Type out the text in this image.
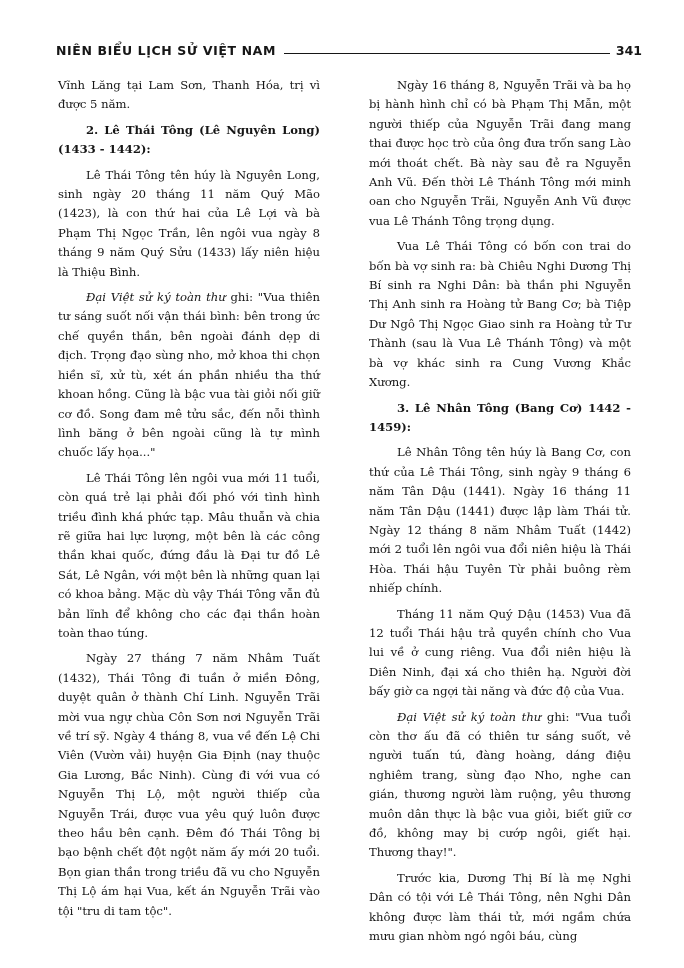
NIÊN BIỂU LỊCH SỬ VIỆT NAM	341

Vĩnh Lăng tại Lam Sơn, Thanh Hóa, trị vì được 5 năm.

2. Lê Thái Tông (Lê Nguyên Long) (1433 - 1442):

Lê Thái Tông tên húy là Nguyên Long, sinh ngày 20 tháng 11 năm Quý Mão (1423), là con thứ hai của Lê Lợi và bà Phạm Thị Ngọc Trần, lên ngôi vua ngày 8 tháng 9 năm Quý Sửu (1433) lấy niên hiệu là Thiệu Bình.

Đại Việt sử ký toàn thư ghi: "Vua thiên tư sáng suốt nối vận thái bình: bên trong ức chế quyền thần, bên ngoài đánh dẹp di địch. Trọng đạo sùng nho, mở khoa thi chọn hiền sĩ, xử tù, xét án phần nhiều tha thứ khoan hồng. Cũng là bậc vua tài giỏi nối giữ cơ đồ. Song đam mê tửu sắc, đến nỗi thình lình băng ở bên ngoài cũng là tự mình chuốc lấy họa..."

Lê Thái Tông lên ngôi vua mới 11 tuổi, còn quá trẻ lại phải đối phó với tình hình triều đình khá phức tạp. Mâu thuẫn và chia rẽ giữa hai lực lượng, một bên là các công thần khai quốc, đứng đầu là Đại tư đồ Lê Sát, Lê Ngân, với một bên là những quan lại có khoa bảng. Mặc dù vậy Thái Tông vẫn đủ bản lĩnh để không cho các đại thần hoàn toàn thao túng.

Ngày 27 tháng 7 năm Nhâm Tuất (1432), Thái Tông đi tuần ở miền Đông, duyệt quân ở thành Chí Linh. Nguyễn Trãi mời vua ngự chùa Côn Sơn nơi Nguyễn Trãi về trí sỹ. Ngày 4 tháng 8, vua về đến Lệ Chi Viên (Vườn vải) huyện Gia Định (nay thuộc Gia Lương, Bắc Ninh). Cùng đi với vua có Nguyễn Thị Lộ, một người thiếp của Nguyễn Trái, được vua yêu quý luôn được theo hầu bên cạnh. Đêm đó Thái Tông bị bạo bệnh chết đột ngột năm ấy mới 20 tuổi. Bọn gian thần trong triều đã vu cho Nguyễn Thị Lộ ám hại Vua, kết án Nguyễn Trãi vào tội "tru di tam tộc".

Ngày 16 tháng 8, Nguyễn Trãi và ba họ bị hành hình chỉ có bà Phạm Thị Mẫn, một người thiếp của Nguyễn Trãi đang mang thai được học trò của ông đưa trốn sang Lào mới thoát chết. Bà này sau đẻ ra Nguyễn Anh Vũ. Đến thời Lê Thánh Tông mới minh oan cho Nguyễn Trãi, Nguyễn Anh Vũ được vua Lê Thánh Tông trọng dụng.

Vua Lê Thái Tông có bốn con trai do bốn bà vợ sinh ra: bà Chiêu Nghi Dương Thị Bí sinh ra Nghi Dân: bà thần phi Nguyễn Thị Anh sinh ra Hoàng tử Bang Cơ; bà Tiệp Dư Ngô Thị Ngọc Giao sinh ra Hoàng tử Tư Thành (sau là Vua Lê Thánh Tông) và một bà vợ khác sinh ra Cung Vương Khắc Xương.

3. Lê Nhân Tông (Bang Cơ) 1442 - 1459):

Lê Nhân Tông tên húy là Bang Cơ, con thứ của Lê Thái Tông, sinh ngày 9 tháng 6 năm Tân Dậu (1441). Ngày 16 tháng 11 năm Tân Dậu (1441) được lập làm Thái tử. Ngày 12 tháng 8 năm Nhâm Tuất (1442) mới 2 tuổi lên ngôi vua đổi niên hiệu là Thái Hòa. Thái hậu Tuyên Từ phải buông rèm nhiếp chính.

Tháng 11 năm Quý Dậu (1453) Vua đã 12 tuổi Thái hậu trả quyền chính cho Vua lui về ở cung riêng. Vua đổi niên hiệu là Diên Ninh, đại xá cho thiên hạ. Người đời bấy giờ ca ngợi tài năng và đức độ của Vua.

Đại Việt sử ký toàn thư ghi: "Vua tuổi còn thơ ấu đã có thiên tư sáng suốt, vẻ người tuấn tú, đàng hoàng, dáng điệu nghiêm trang, sùng đạo Nho, nghe can gián, thương người làm ruộng, yêu thương muôn dân thực là bậc vua giỏi, biết giữ cơ đồ, không may bị cướp ngôi, giết hại. Thương thay!".

Trước kia, Dương Thị Bí là mẹ Nghi Dân có tội với Lê Thái Tông, nên Nghi Dân không được làm thái tử, mới ngầm chứa mưu gian nhòm ngó ngôi báu, cùng
